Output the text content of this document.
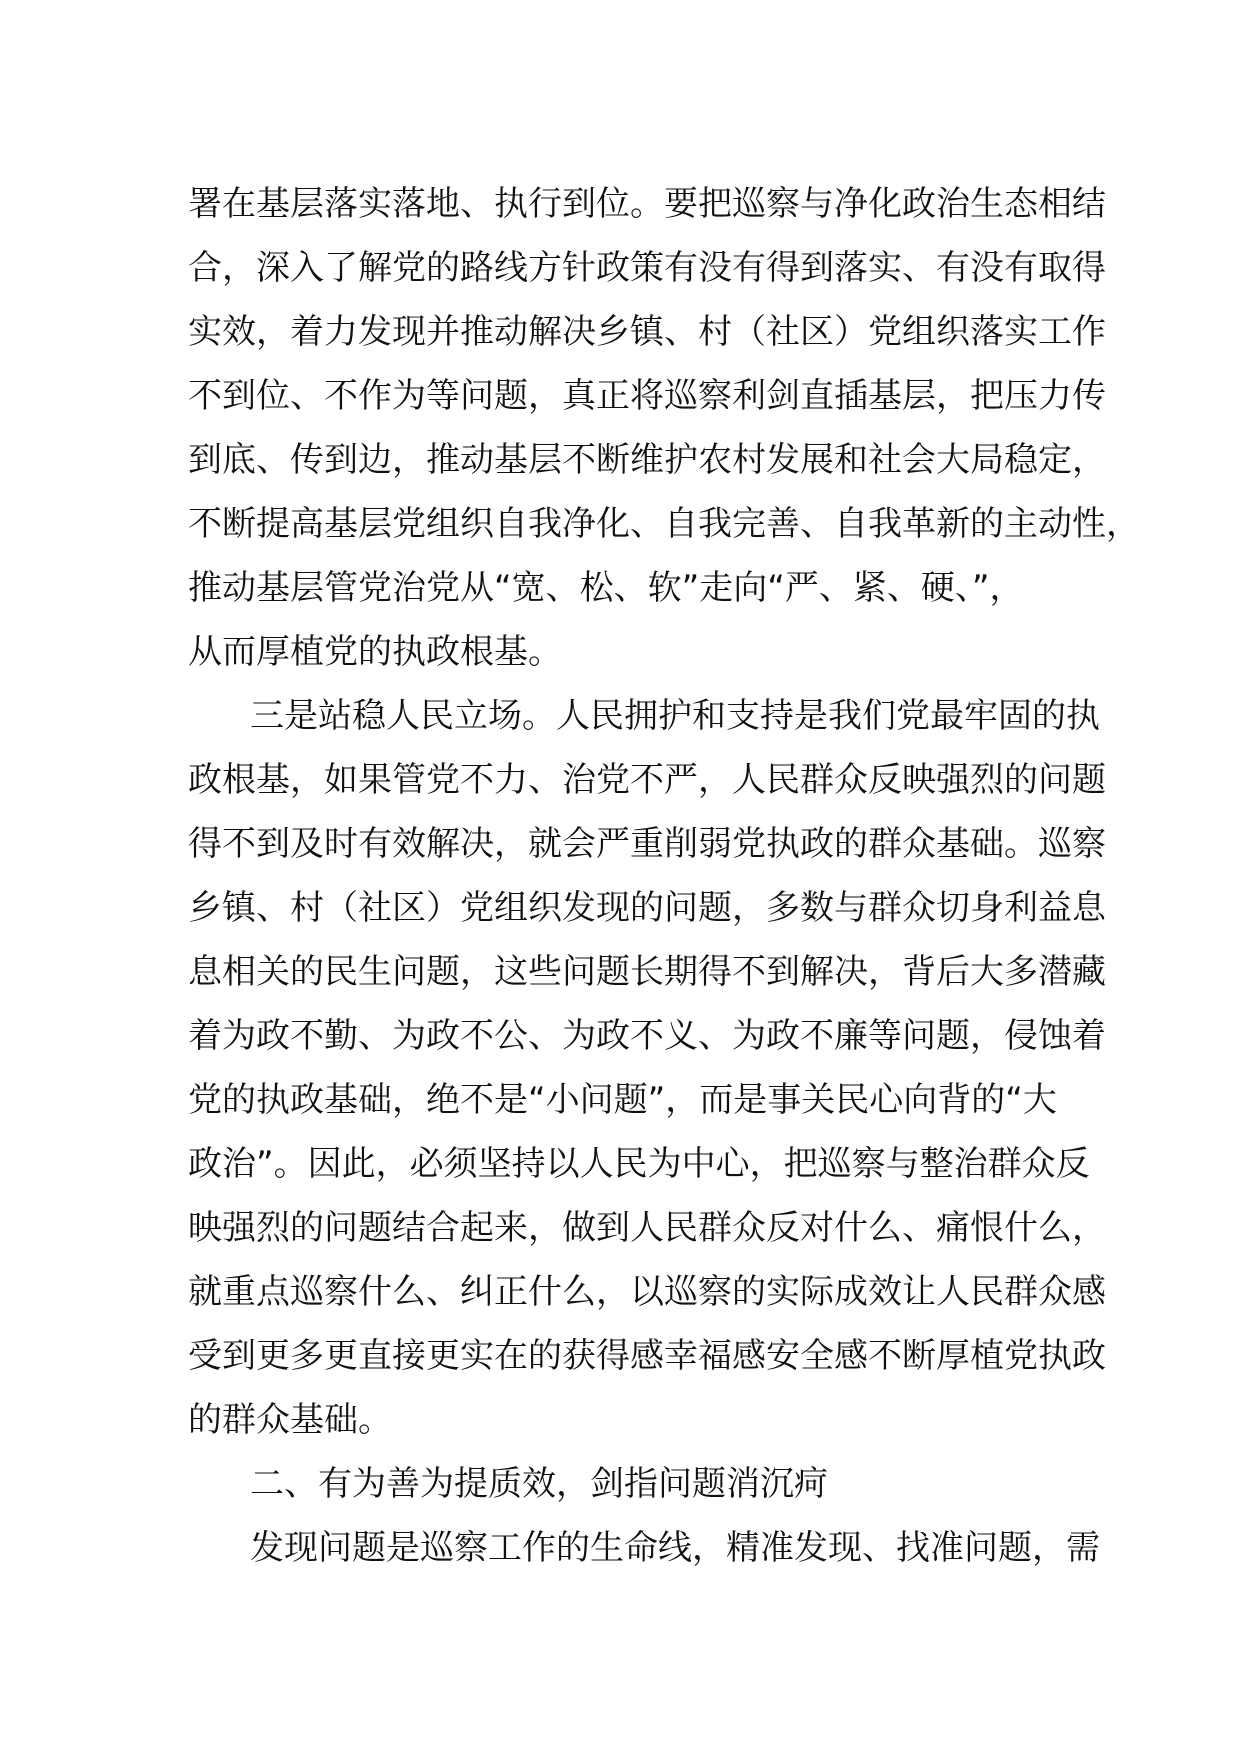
署在基层落实落地、执行到位。要把巡察与净化政治生态相结
合，深入了解党的路线方针政策有没有得到落实、有没有取得
实效，着力发现并推动解决乡镇、村（社区）党组织落实工作
不到位、不作为等问题，真正将巡察利剑直插基层，把压力传
到底、传到边，推动基层不断维护农村发展和社会大局稳定，
不断提高基层党组织自我净化、自我完善、自我革新的主动性，
推动基层管党治党从“宽、松、软”走向“严、紧、硬、”，
从而厚植党的执政根基。
三是站稳人民立场。人民拥护和支持是我们党最牢固的执
政根基，如果管党不力、治党不严，人民群众反映强烈的问题
得不到及时有效解决，就会严重削弱党执政的群众基础。巡察
乡镇、村（社区）党组织发现的问题，多数与群众切身利益息
息相关的民生问题，这些问题长期得不到解决，背后大多潜藏
着为政不勤、为政不公、为政不义、为政不廉等问题，侵蚀着
党的执政基础，绝不是“小问题”，而是事关民心向背的“大
政治”。因此，必须坚持以人民为中心，把巡察与整治群众反
映强烈的问题结合起来，做到人民群众反对什么、痛恨什么，
就重点巡察什么、纠正什么，以巡察的实际成效让人民群众感
受到更多更直接更实在的获得感幸福感安全感不断厚植党执政
的群众基础。
二、有为善为提质效，剑指问题消沉疴
发现问题是巡察工作的生命线，精准发现、找准问题，需
